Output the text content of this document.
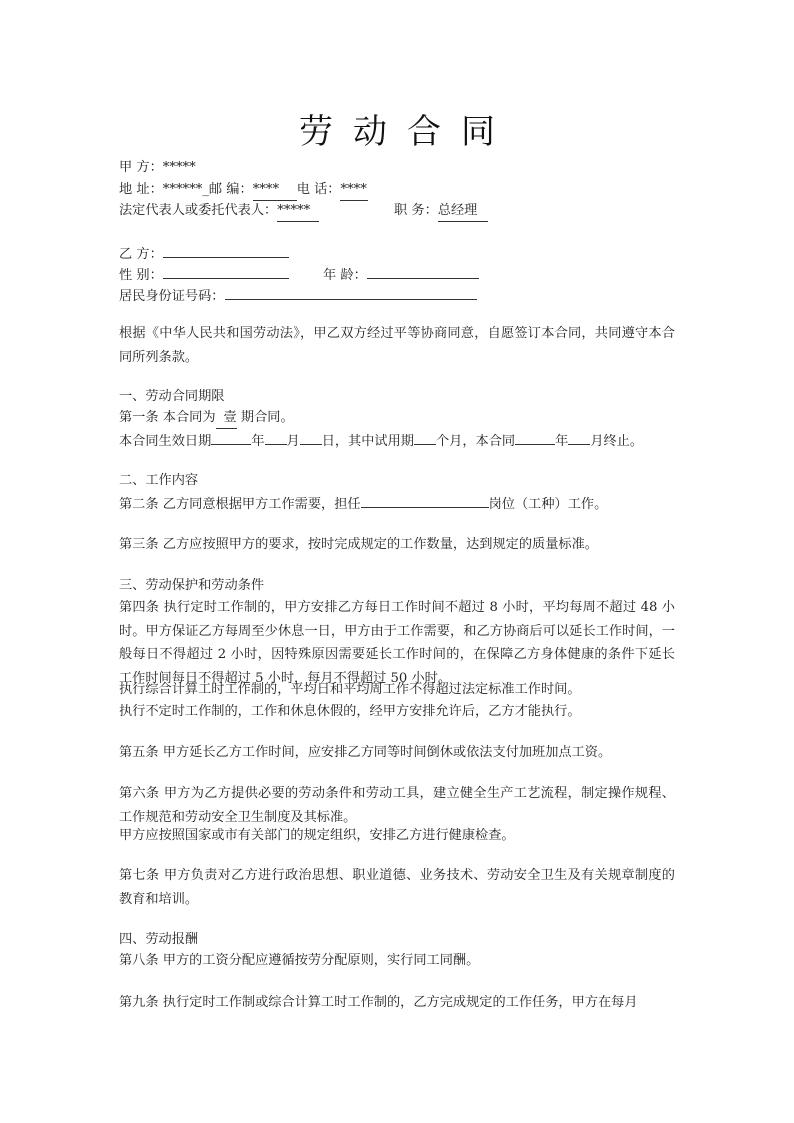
劳动合同
甲 方：*****
地 址：******_邮 编：**** 电 话：****
法定代表人或委托代表人：*****	职 务：总经理
乙 方：
性 别：	年 龄：
居民身份证号码：
根据《中华人民共和国劳动法》，甲乙双方经过平等协商同意，自愿签订本合同，共同遵守本合同所列条款。
一、劳动合同期限
第一条 本合同为 壹 期合同。
本合同生效日期	年 月 日，其中试用期 个月，本合同	年 月终止。
二、工作内容
第二条 乙方同意根据甲方工作需要，担任	岗位（工种）工作。
第三条 乙方应按照甲方的要求，按时完成规定的工作数量，达到规定的质量标准。
三、劳动保护和劳动条件
第四条 执行定时工作制的，甲方安排乙方每日工作时间不超过 8 小时，平均每周不超过 48 小时。甲方保证乙方每周至少休息一日，甲方由于工作需要，和乙方协商后可以延长工作时间，一般每日不得超过 2 小时，因特殊原因需要延长工作时间的，在保障乙方身体健康的条件下延长工作时间每日不得超过 5 小时，每月不得超过 50 小时。
执行综合计算工时工作制的，平均日和平均周工作不得超过法定标准工作时间。
执行不定时工作制的，工作和休息休假的，经甲方安排允许后，乙方才能执行。
第五条 甲方延长乙方工作时间，应安排乙方同等时间倒休或依法支付加班加点工资。
第六条 甲方为乙方提供必要的劳动条件和劳动工具，建立健全生产工艺流程，制定操作规程、工作规范和劳动安全卫生制度及其标准。
甲方应按照国家或市有关部门的规定组织，安排乙方进行健康检查。
第七条 甲方负责对乙方进行政治思想、职业道德、业务技术、劳动安全卫生及有关规章制度的教育和培训。
四、劳动报酬
第八条 甲方的工资分配应遵循按劳分配原则，实行同工同酬。
第九条 执行定时工作制或综合计算工时工作制的，乙方完成规定的工作任务，甲方在每月
